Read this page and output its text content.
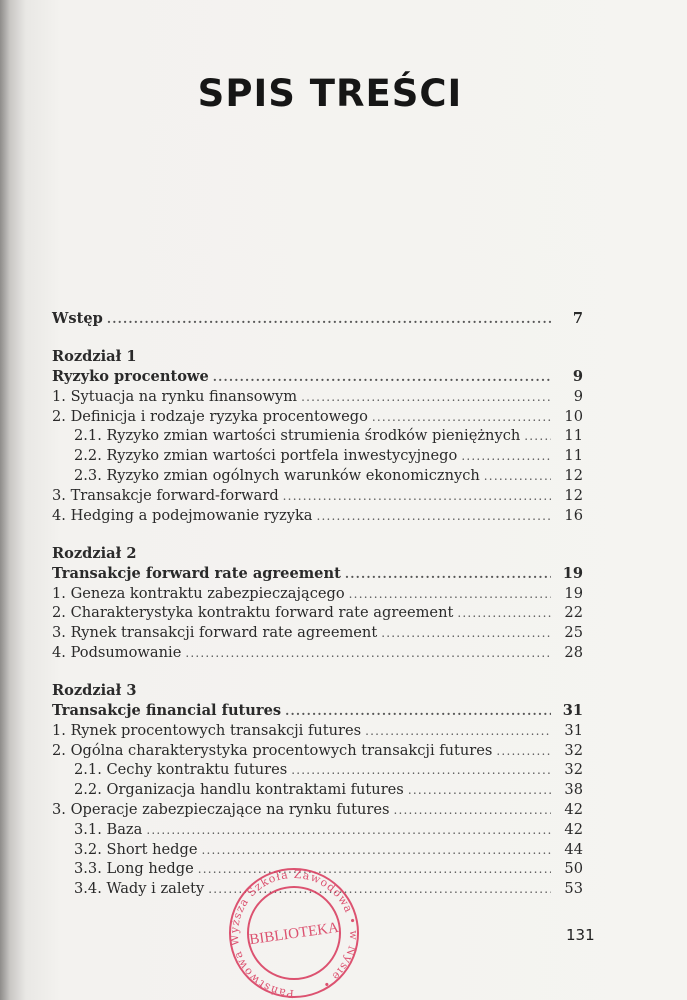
SPIS TREŚCI
Wstęp .....	7
Rozdział 1
Ryzyko procentowe .....	9
1. Sytuacja na rynku finansowym .....	9
2. Definicja i rodzaje ryzyka procentowego .....	10
2.1. Ryzyko zmian wartości strumienia środków pieniężnych .....	11
2.2. Ryzyko zmian wartości portfela inwestycyjnego .....	11
2.3. Ryzyko zmian ogólnych warunków ekonomicznych .....	12
3. Transakcje forward-forward .....	12
4. Hedging a podejmowanie ryzyka .....	16
Rozdział 2
Transakcje forward rate agreement .....	19
1. Geneza kontraktu zabezpieczającego .....	19
2. Charakterystyka kontraktu forward rate agreement .....	22
3. Rynek transakcji forward rate agreement .....	25
4. Podsumowanie .....	28
Rozdział 3
Transakcje financial futures .....	31
1. Rynek procentowych transakcji futures .....	31
2. Ogólna charakterystyka procentowych transakcji futures .....	32
2.1. Cechy kontraktu futures .....	32
2.2. Organizacja handlu kontraktami futures .....	38
3. Operacje zabezpieczające na rynku futures .....	42
3.1. Baza .....	42
3.2. Short hedge .....	44
3.3. Long hedge .....	50
3.4. Wady i zalety .....	53
131
Państwowa Wyższa Szkoła Zawodowa • w Nysie •
BIBLIOTEKA
